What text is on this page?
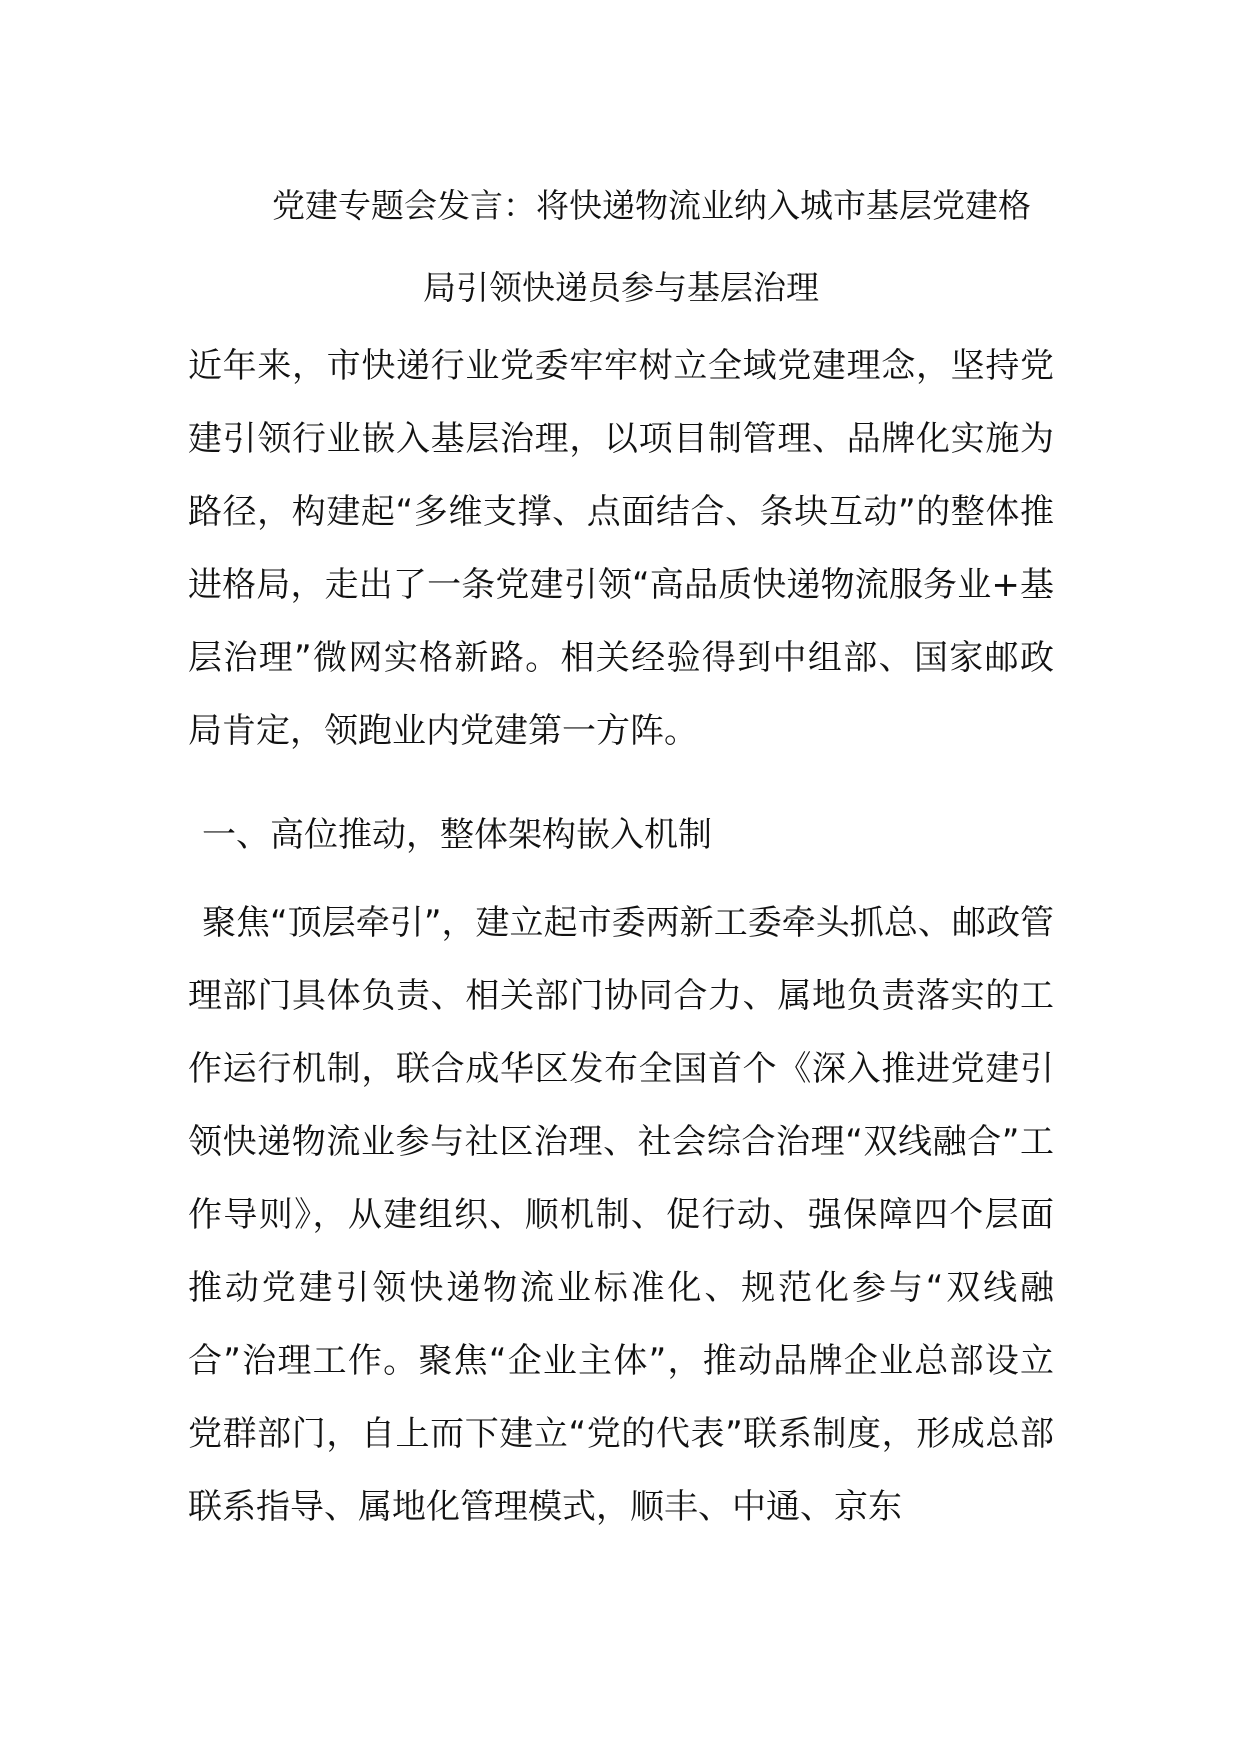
党建专题会发言：将快递物流业纳入城市基层党建格
局引领快递员参与基层治理

近年来，市快递行业党委牢牢树立全域党建理念，坚持党建引领行业嵌入基层治理，以项目制管理、品牌化实施为路径，构建起“多维支撑、点面结合、条块互动”的整体推进格局，走出了一条党建引领“高品质快递物流服务业+基层治理”微网实格新路。相关经验得到中组部、国家邮政局肯定，领跑业内党建第一方阵。

一、高位推动，整体架构嵌入机制

聚焦“顶层牵引”，建立起市委两新工委牵头抓总、邮政管理部门具体负责、相关部门协同合力、属地负责落实的工作运行机制，联合成华区发布全国首个《深入推进党建引领快递物流业参与社区治理、社会综合治理“双线融合”工作导则》，从建组织、顺机制、促行动、强保障四个层面推动党建引领快递物流业标准化、规范化参与“双线融合”治理工作。聚焦“企业主体”，推动品牌企业总部设立党群部门，自上而下建立“党的代表”联系制度，形成总部联系指导、属地化管理模式，顺丰、中通、京东
